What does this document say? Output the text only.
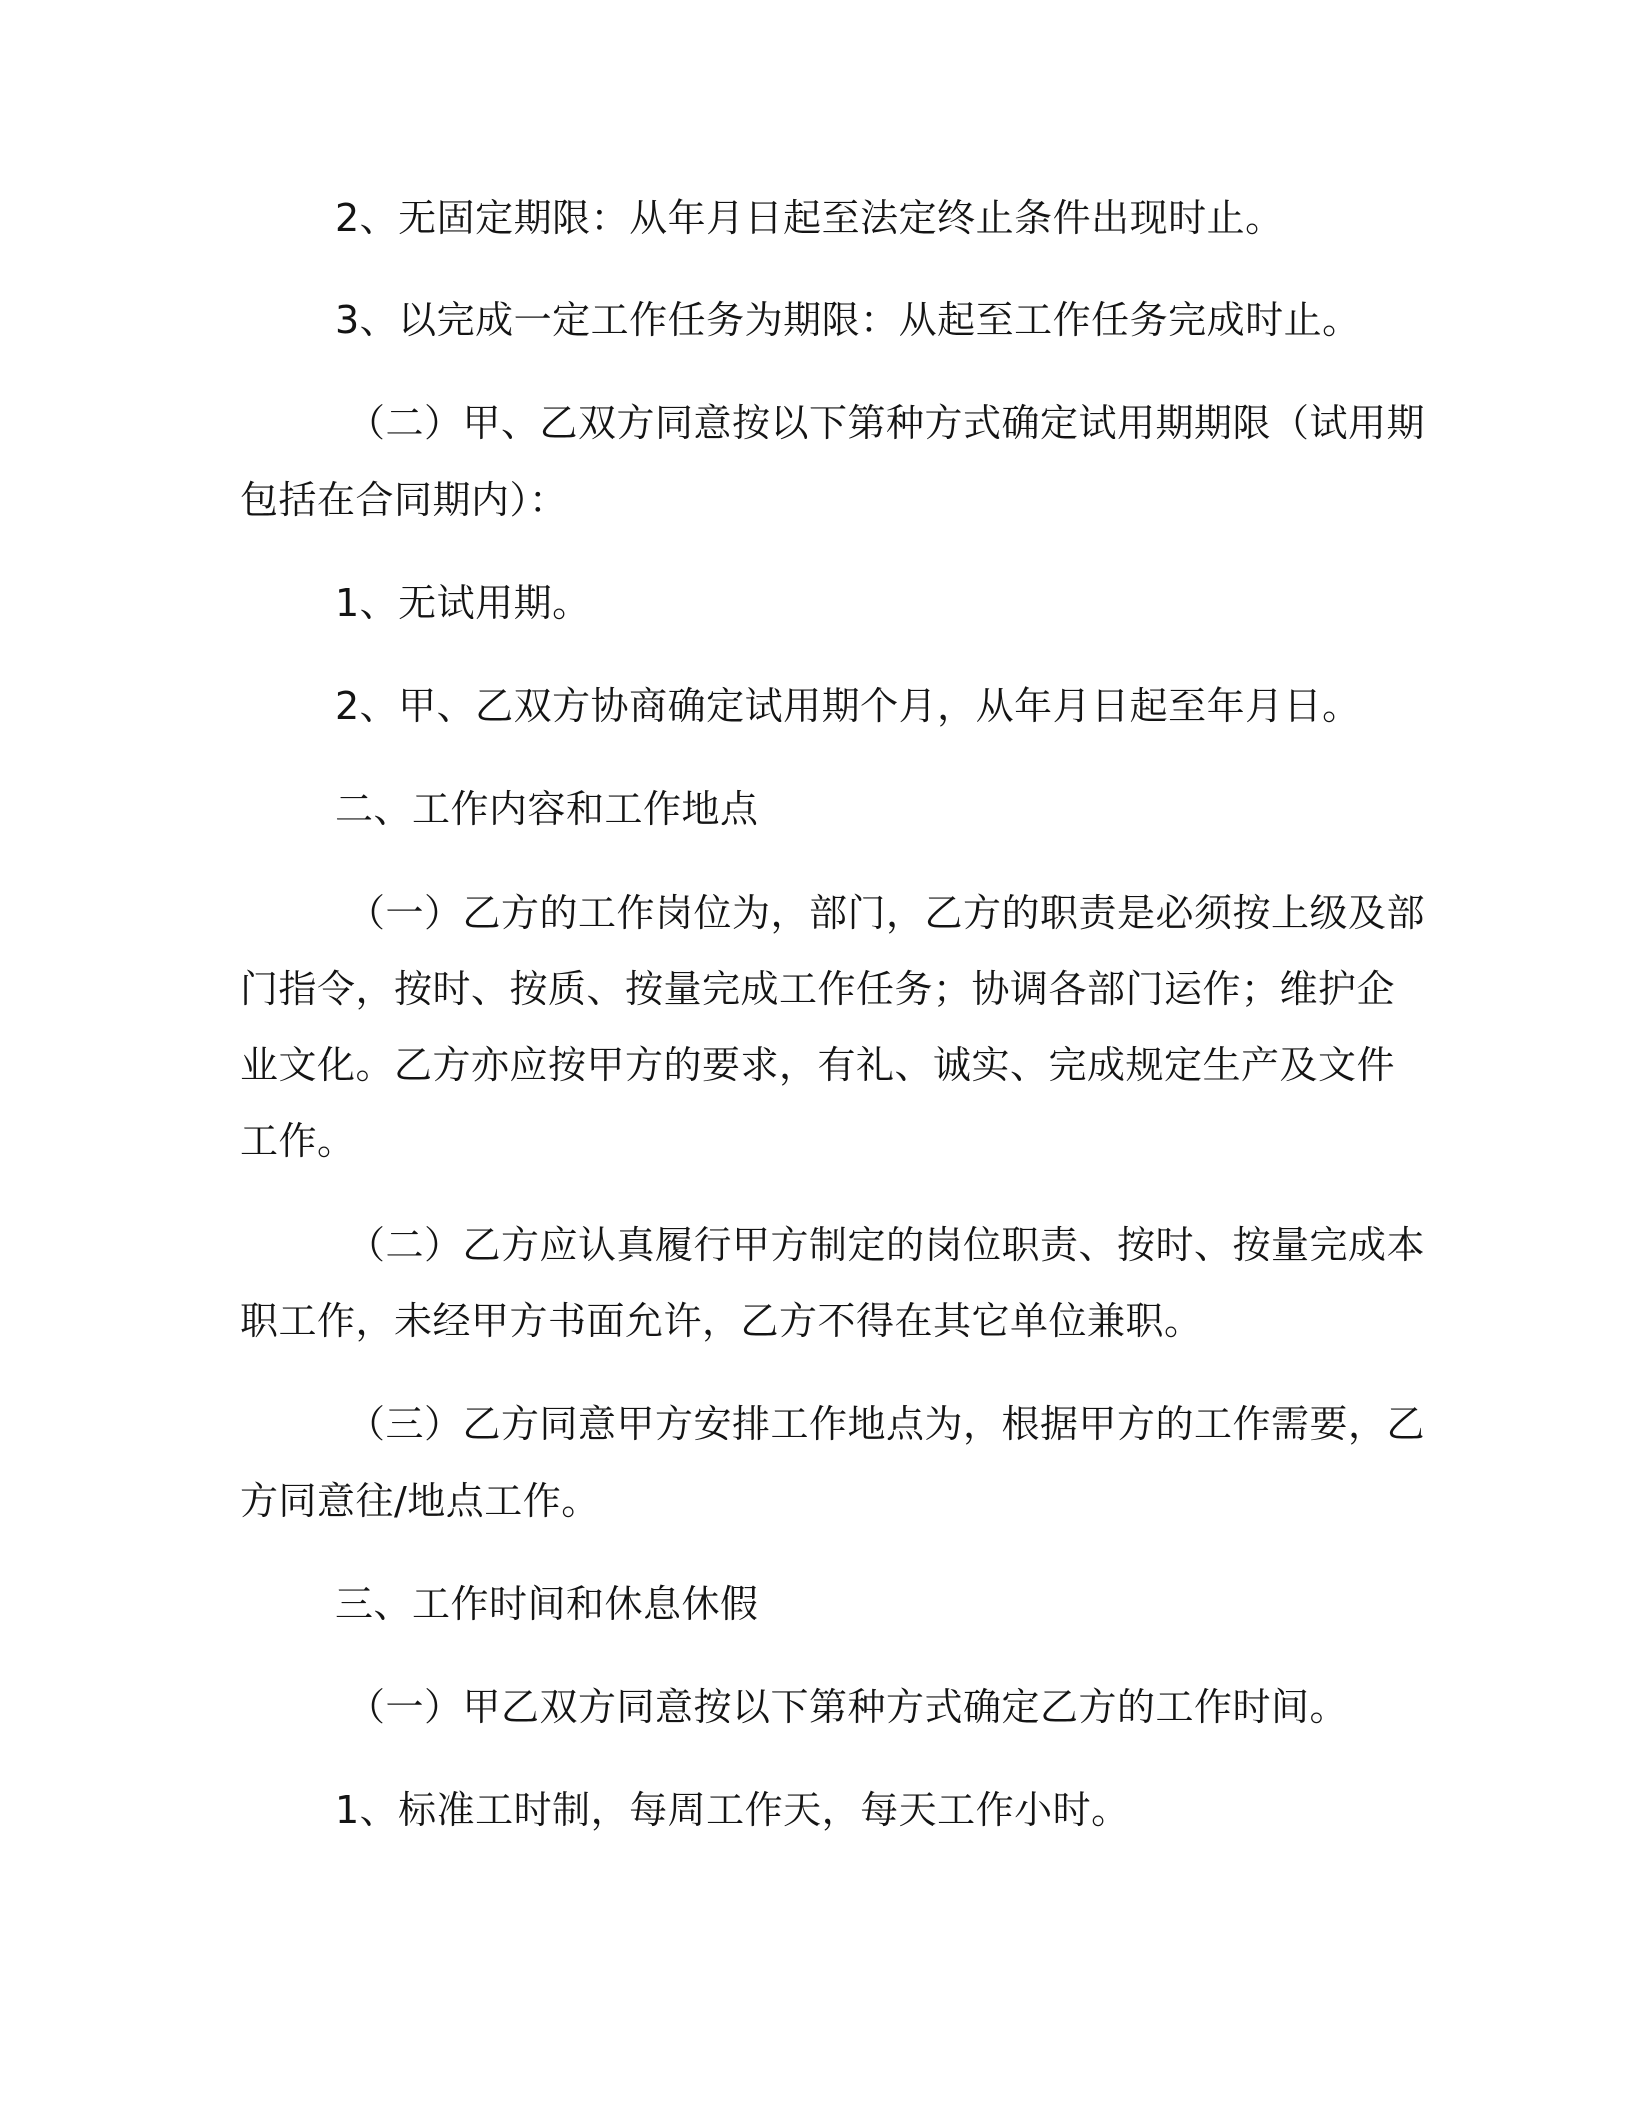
2、无固定期限：从年月日起至法定终止条件出现时止。
3、以完成一定工作任务为期限：从起至工作任务完成时止。
（二）甲、乙双方同意按以下第种方式确定试用期期限（试用期
包括在合同期内）：
1、无试用期。
2、甲、乙双方协商确定试用期个月，从年月日起至年月日。
二、工作内容和工作地点
（一）乙方的工作岗位为，部门，乙方的职责是必须按上级及部
门指令，按时、按质、按量完成工作任务；协调各部门运作；维护企
业文化。乙方亦应按甲方的要求，有礼、诚实、完成规定生产及文件
工作。
（二）乙方应认真履行甲方制定的岗位职责、按时、按量完成本
职工作，未经甲方书面允许，乙方不得在其它单位兼职。
（三）乙方同意甲方安排工作地点为，根据甲方的工作需要，乙
方同意往/地点工作。
三、工作时间和休息休假
（一）甲乙双方同意按以下第种方式确定乙方的工作时间。
1、标准工时制，每周工作天，每天工作小时。
